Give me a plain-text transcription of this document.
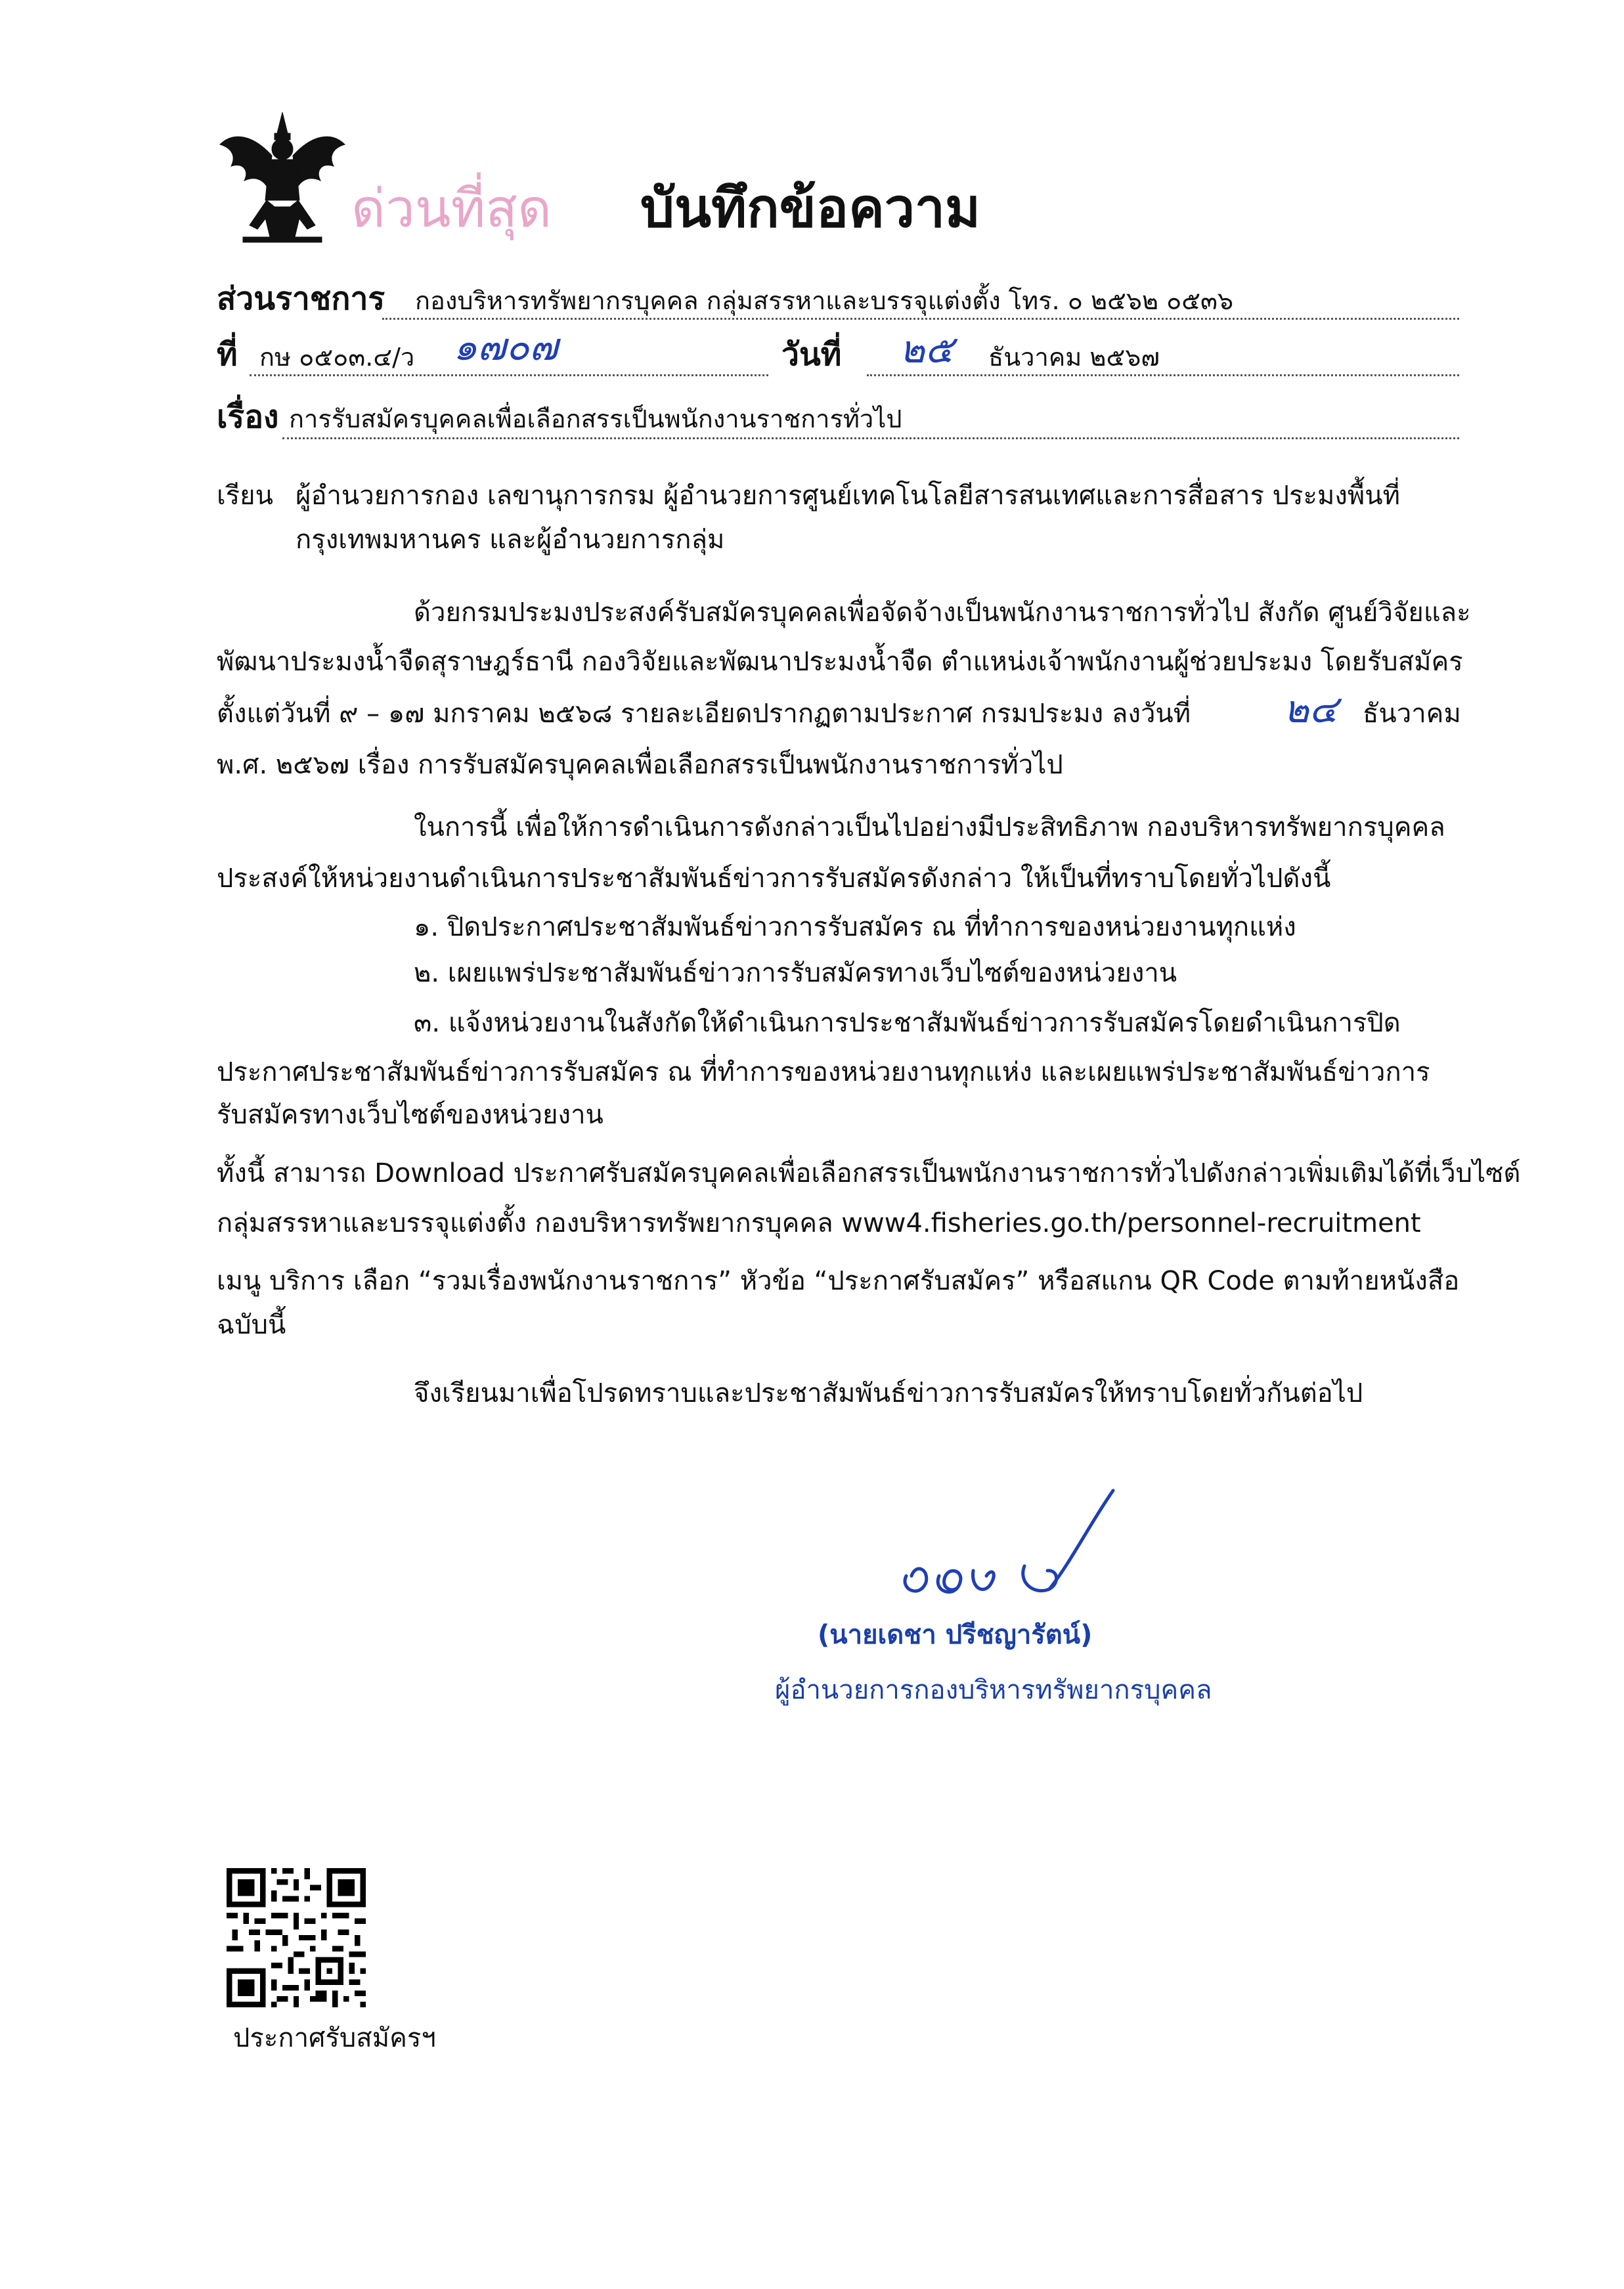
ด่วนที่สุด บันทึกข้อความ
ส่วนราชการ กองบริหารทรัพยากรบุคคล กลุ่มสรรหาและบรรจุแต่งตั้ง โทร. ๐ ๒๕๖๒ ๐๕๓๖
ที่ กษ ๐๕๐๓.๔/ว ๑๗๐๗	วันที่ ๒๕ ธันวาคม ๒๕๖๗
เรื่อง การรับสมัครบุคคลเพื่อเลือกสรรเป็นพนักงานราชการทั่วไป
เรียน ผู้อำนวยการกอง เลขานุการกรม ผู้อำนวยการศูนย์เทคโนโลยีสารสนเทศและการสื่อสาร ประมงพื้นที่
กรุงเทพมหานคร และผู้อำนวยการกลุ่ม
ด้วยกรมประมงประสงค์รับสมัครบุคคลเพื่อจัดจ้างเป็นพนักงานราชการทั่วไป สังกัด ศูนย์วิจัยและ
พัฒนาประมงน้ำจืดสุราษฎร์ธานี กองวิจัยและพัฒนาประมงน้ำจืด ตำแหน่งเจ้าพนักงานผู้ช่วยประมง โดยรับสมัคร
ตั้งแต่วันที่ ๙ – ๑๗ มกราคม ๒๕๖๘ รายละเอียดปรากฏตามประกาศ กรมประมง ลงวันที่ ๒๔ ธันวาคม
พ.ศ. ๒๕๖๗ เรื่อง การรับสมัครบุคคลเพื่อเลือกสรรเป็นพนักงานราชการทั่วไป
ในการนี้ เพื่อให้การดำเนินการดังกล่าวเป็นไปอย่างมีประสิทธิภาพ กองบริหารทรัพยากรบุคคล
ประสงค์ให้หน่วยงานดำเนินการประชาสัมพันธ์ข่าวการรับสมัครดังกล่าว ให้เป็นที่ทราบโดยทั่วไปดังนี้
๑. ปิดประกาศประชาสัมพันธ์ข่าวการรับสมัคร ณ ที่ทำการของหน่วยงานทุกแห่ง
๒. เผยแพร่ประชาสัมพันธ์ข่าวการรับสมัครทางเว็บไซต์ของหน่วยงาน
๓. แจ้งหน่วยงานในสังกัดให้ดำเนินการประชาสัมพันธ์ข่าวการรับสมัครโดยดำเนินการปิด
ประกาศประชาสัมพันธ์ข่าวการรับสมัคร ณ ที่ทำการของหน่วยงานทุกแห่ง และเผยแพร่ประชาสัมพันธ์ข่าวการ
รับสมัครทางเว็บไซต์ของหน่วยงาน
ทั้งนี้ สามารถ Download ประกาศรับสมัครบุคคลเพื่อเลือกสรรเป็นพนักงานราชการทั่วไปดังกล่าวเพิ่มเติมได้ที่เว็บไซต์
กลุ่มสรรหาและบรรจุแต่งตั้ง กองบริหารทรัพยากรบุคคล www4.fisheries.go.th/personnel-recruitment
เมนู บริการ เลือก “รวมเรื่องพนักงานราชการ” หัวข้อ “ประกาศรับสมัคร” หรือสแกน QR Code ตามท้ายหนังสือ
ฉบับนี้
จึงเรียนมาเพื่อโปรดทราบและประชาสัมพันธ์ข่าวการรับสมัครให้ทราบโดยทั่วกันต่อไป
(นายเดชา ปรีชญารัตน์)
ผู้อำนวยการกองบริหารทรัพยากรบุคคล
ประกาศรับสมัครฯ
